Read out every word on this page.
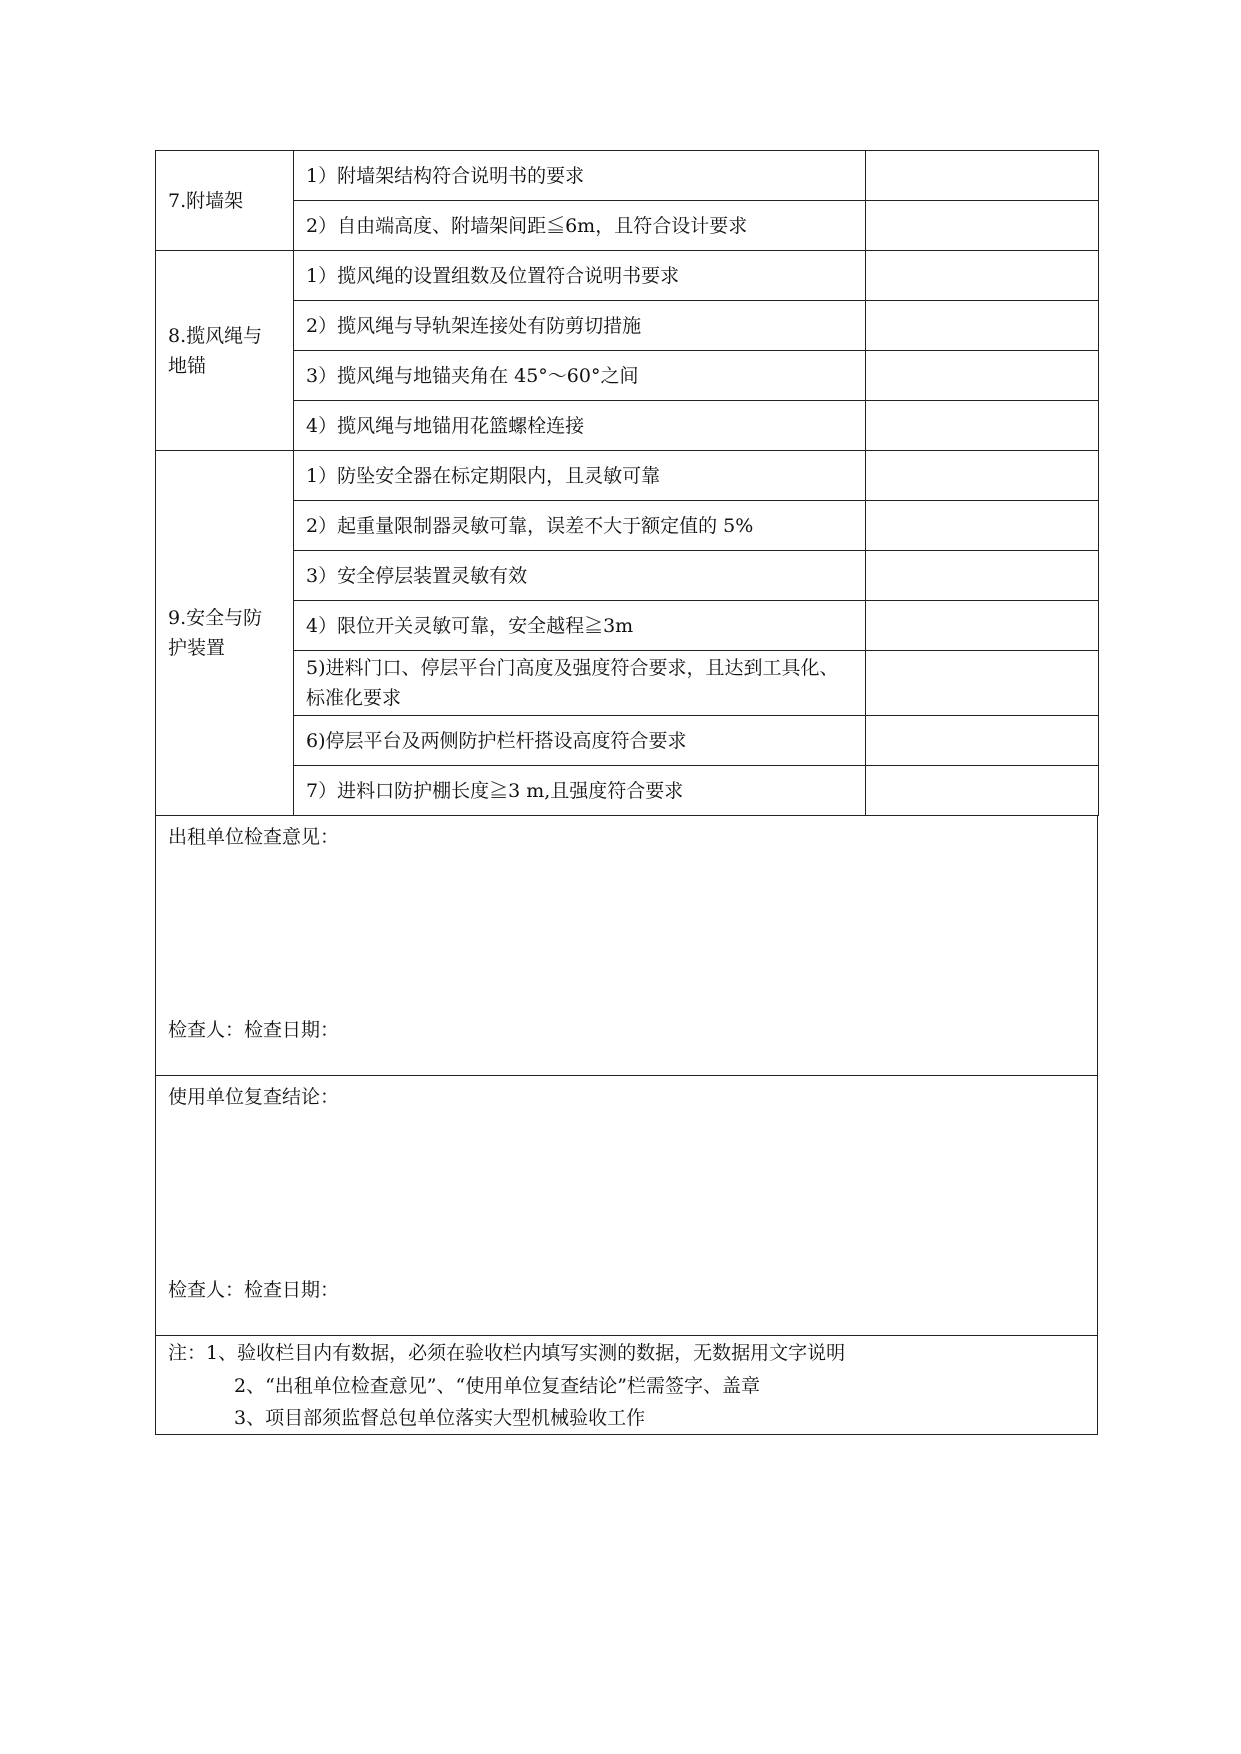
7.附墙架	1）附墙架结构符合说明书的要求	
	2）自由端高度、附墙架间距≦6m，且符合设计要求	
8.揽风绳与地锚	1）揽风绳的设置组数及位置符合说明书要求	
	2）揽风绳与导轨架连接处有防剪切措施	
	3）揽风绳与地锚夹角在 45°～60°之间	
	4）揽风绳与地锚用花篮螺栓连接	
9.安全与防护装置	1）防坠安全器在标定期限内，且灵敏可靠	
	2）起重量限制器灵敏可靠，误差不大于额定值的 5%	
	3）安全停层装置灵敏有效	
	4）限位开关灵敏可靠，安全越程≧3m	
	5)进料门口、停层平台门高度及强度符合要求，且达到工具化、标准化要求	
	6)停层平台及两侧防护栏杆搭设高度符合要求	
	7）进料口防护棚长度≧3 m,且强度符合要求	
出租单位检查意见：
检查人：检查日期：
使用单位复查结论：
检查人：检查日期：
注：1、验收栏目内有数据，必须在验收栏内填写实测的数据，无数据用文字说明
2、“出租单位检查意见”、“使用单位复查结论”栏需签字、盖章
3、项目部须监督总包单位落实大型机械验收工作
